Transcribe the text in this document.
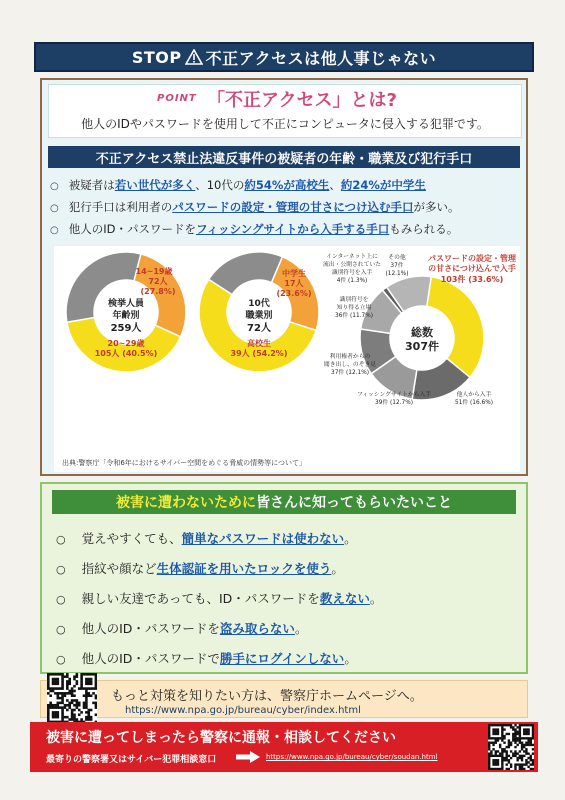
STOP 不正アクセスは他人事じゃない
POINT 「不正アクセス」とは?
他人のIDやパスワードを使用して不正にコンピュータに侵入する犯罪です。
不正アクセス禁止法違反事件の被疑者の年齢・職業及び犯行手口
○ 被疑者は若い世代が多く、10代の約54%が高校生、約24%が中学生
○ 犯行手口は利用者のパスワードの設定・管理の甘さにつけ込む手口が多い。
○ 他人のID・パスワードをフィッシングサイトから入手する手口もみられる。
検挙人員
年齢別
259人
14~19歳
72人
(27.8%)
20~29歳
105人 (40.5%)
10代
職業別
72人
中学生
17人
(23.6%)
高校生
39人 (54.2%)
総数
307件
パスワードの設定・管理
の甘さにつけ込んで入手
103件 (33.6%)
インターネット上に
流出・公開されていた
識別符号を入手
4件 (1.3%)
その他
37件
(12.1%)
識別符号を
知り得る立場
36件 (11.7%)
利用権者からの
聞き出し、のぞき見
37件 (12.1%)
フィッシングサイトから入手
39件 (12.7%)
他人から入手
51件 (16.6%)
出典:警察庁「令和6年におけるサイバー空間をめぐる脅威の情勢等について」
被害に遭わないために 皆さんに知ってもらいたいこと
○ 覚えやすくても、簡単なパスワードは使わない。
○ 指紋や顔など生体認証を用いたロックを使う。
○ 親しい友達であっても、ID・パスワードを教えない。
○ 他人のID・パスワードを盗み取らない。
○ 他人のID・パスワードで勝手にログインしない。
もっと対策を知りたい方は、警察庁ホームページへ。
https://www.npa.go.jp/bureau/cyber/index.html
被害に遭ってしまったら警察に通報・相談してください
最寄りの警察署又はサイバー犯罪相談窓口	https://www.npa.go.jp/bureau/cyber/soudan.html
